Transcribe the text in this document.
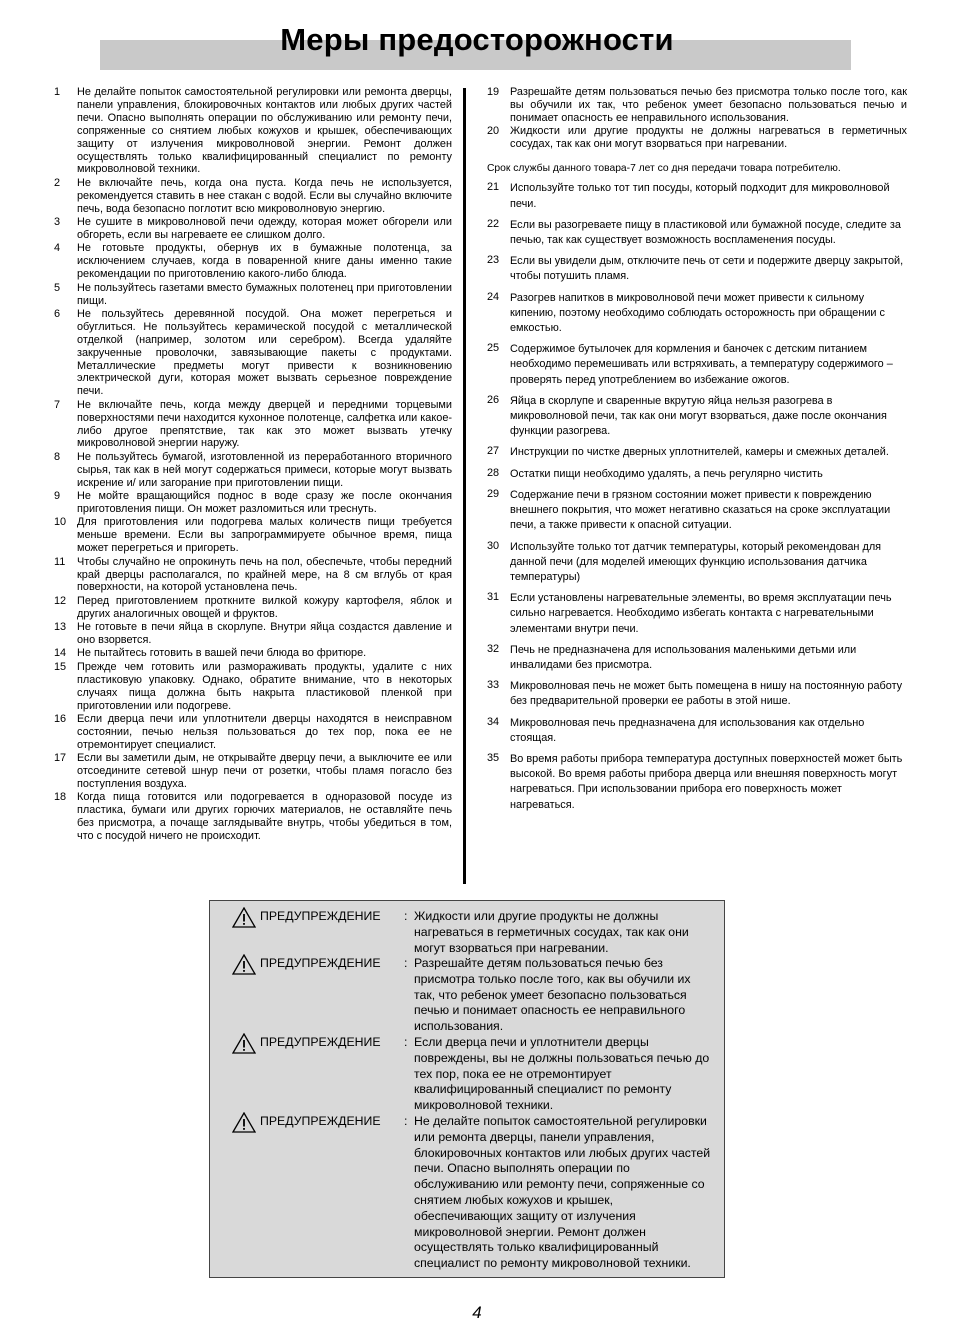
Меры предосторожности
1	Не делайте попыток самостоятельной регулировки или ремонта дверцы, панели управления, блокировочных контактов или любых других частей печи. Опасно выполнять операции по обслуживанию или ремонту печи, сопряженные со снятием любых кожухов и крышек, обеспечивающих защиту от излучения микроволновой энергии. Ремонт должен осуществлять только квалифицированный специалист по ремонту микроволновой техники.
2	Не включайте печь, когда она пуста. Когда печь не используется, рекомендуется ставить в нее стакан с водой. Если вы случайно включите печь, вода безопасно поглотит всю микроволновую энергию.
3	Не сушите в микроволновой печи одежду, которая может обгорели или обгореть, если вы нагреваете ее слишком долго.
4	Не готовьте продукты, обернув их в бумажные полотенца, за исключением случаев, когда в поваренной книге даны именно такие рекомендации по приготовлению какого-либо блюда.
5	Не пользуйтесь газетами вместо бумажных полотенец при приготовлении пищи.
6	Не пользуйтесь деревянной посудой. Она может перегреться и обуглиться. Не пользуйтесь керамической посудой с металлической отделкой (например, золотом или серебром). Всегда удаляйте закрученные проволочки, завязывающие пакеты с продуктами. Металлические предметы могут привести к возникновению электрической дуги, которая может вызвать серьезное повреждение печи.
7	Не включайте печь, когда между дверцей и передними торцевыми поверхностями печи находится кухонное полотенце, салфетка или какое-либо другое препятствие, так как это может вызвать утечку микроволновой энергии наружу.
8	Не пользуйтесь бумагой, изготовленной из переработанного вторичного сырья, так как в ней могут содержаться примеси, которые могут вызвать искрение и/ или загорание при приготовлении пищи.
9	Не мойте вращающийся поднос в воде сразу же после окончания приготовления пищи. Он может разломиться или треснуть.
10 Для приготовления или подогрева малых количеств пищи требуется меньше времени. Если вы запрограммируете обычное время, пища может перегреться и пригореть.
11	Чтобы случайно не опрокинуть печь на пол, обеспечьте, чтобы передний край дверцы располагался, по крайней мере, на 8 см вглубь от края поверхности, на которой установлена печь.
12 Перед приготовлением проткните вилкой кожуру картофеля, яблок и других аналогичных овощей и фруктов.
13 Не готовьте в печи яйца в скорлупе. Внутри яйца создастся давление и оно взорвется.
14 Не пытайтесь готовить в вашей печи блюда во фритюре.
15 Прежде чем готовить или размораживать продукты, удалите с них пластиковую упаковку. Однако, обратите внимание, что в некоторых случаях пища должна быть накрыта пластиковой пленкой при приготовлении или подогреве.
16 Если дверца печи или уплотнители дверцы находятся в неисправном состоянии, печью нельзя пользоваться до тех пор, пока ее не отремонтирует специалист.
17 Если вы заметили дым, не открывайте дверцу печи, а выключите ее или отсоедините сетевой шнур печи от розетки, чтобы пламя погасло без поступления воздуха.
18 Когда пища готовится или подогревается в одноразовой посуде из пластика, бумаги или других горючих материалов, не оставляйте печь без присмотра, а почаще заглядывайте внутрь, чтобы убедиться в том, что с посудой ничего не происходит.
19 Разрешайте детям пользоваться печью без присмотра только после того, как вы обучили их так, что ребенок умеет безопасно пользоваться печью и понимает опасность ее неправильного использования.
20 Жидкости или другие продукты не должны нагреваться в герметичных сосудах, так как они могут взорваться при нагревании.
Срок службы данного товара-7 лет со дня передачи товара потребителю.
21 Используйте только тот тип посуды, который подходит для микроволновой печи.
22 Если вы разогреваете пищу в пластиковой или бумажной посуде, следите за печью, так как существует возможность воспламенения посуды.
23 Если вы увидели дым, отключите печь от сети и подержите дверцу закрытой, чтобы потушить пламя.
24 Разогрев напитков в микроволновой печи может привести к сильному кипению, поэтому необходимо соблюдать осторожность при обращении с емкостью.
25 Содержимое бутылочек для кормления и баночек с детским питанием необходимо перемешивать или встряхивать, а температуру содержимого – проверять перед употреблением во избежание ожогов.
26 Яйца в скорлупе и сваренные вкрутую яйца нельзя разогрева в микроволновой печи, так как они могут взорваться, даже после окончания функции разогрева.
27 Инструкции по чистке дверных уплотнителей, камеры и смежных деталей.
28 Остатки пищи необходимо удалять, а печь регулярно чистить
29 Содержание печи в грязном состоянии может привести к повреждению внешнего покрытия, что может негативно сказаться на сроке эксплуатации печи, а также привести к опасной ситуации.
30 Используйте только тот датчик температуры, который рекомендован для данной печи (для моделей имеющих функцию использования датчика температуры)
31 Если установлены нагревательные элементы, во время эксплуатации печь сильно нагревается. Необходимо избегать контакта с нагревательными элементами внутри печи.
32 Печь не предназначена для использования маленькими детьми или инвалидами без присмотра.
33 Микроволновая печь не может быть помещена в нишу на постоянную работу без предварительной проверки ее работы в этой нише.
34 Микроволновая печь предназначена для использования как отдельно стоящая.
35 Во время работы прибора температура доступных поверхностей может быть высокой. Во время работы прибора дверца или внешняя поверхность могут нагреваться. При использовании прибора его поверхность может нагреваться.
ПРЕДУПРЕЖДЕНИЕ : Жидкости или другие продукты не должны нагреваться в герметичных сосудах, так как они могут взорваться при нагревании.
ПРЕДУПРЕЖДЕНИЕ : Разрешайте детям пользоваться печью без присмотра только после того, как вы обучили их так, что ребенок умеет безопасно пользоваться печью и понимает опасность ее неправильного использования.
ПРЕДУПРЕЖДЕНИЕ : Если дверца печи и уплотнители дверцы повреждены, вы не должны пользоваться печью до тех пор, пока ее не отремонтирует квалифицированный специалист по ремонту микроволновой техники.
ПРЕДУПРЕЖДЕНИЕ : Не делайте попыток самостоятельной регулировки или ремонта дверцы, панели управления, блокировочных контактов или любых других частей печи. Опасно выполнять операции по обслуживанию или ремонту печи, сопряженные со снятием любых кожухов и крышек, обеспечивающих защиту от излучения микроволновой энергии. Ремонт должен осуществлять только квалифицированный специалист по ремонту микроволновой техники.
4
